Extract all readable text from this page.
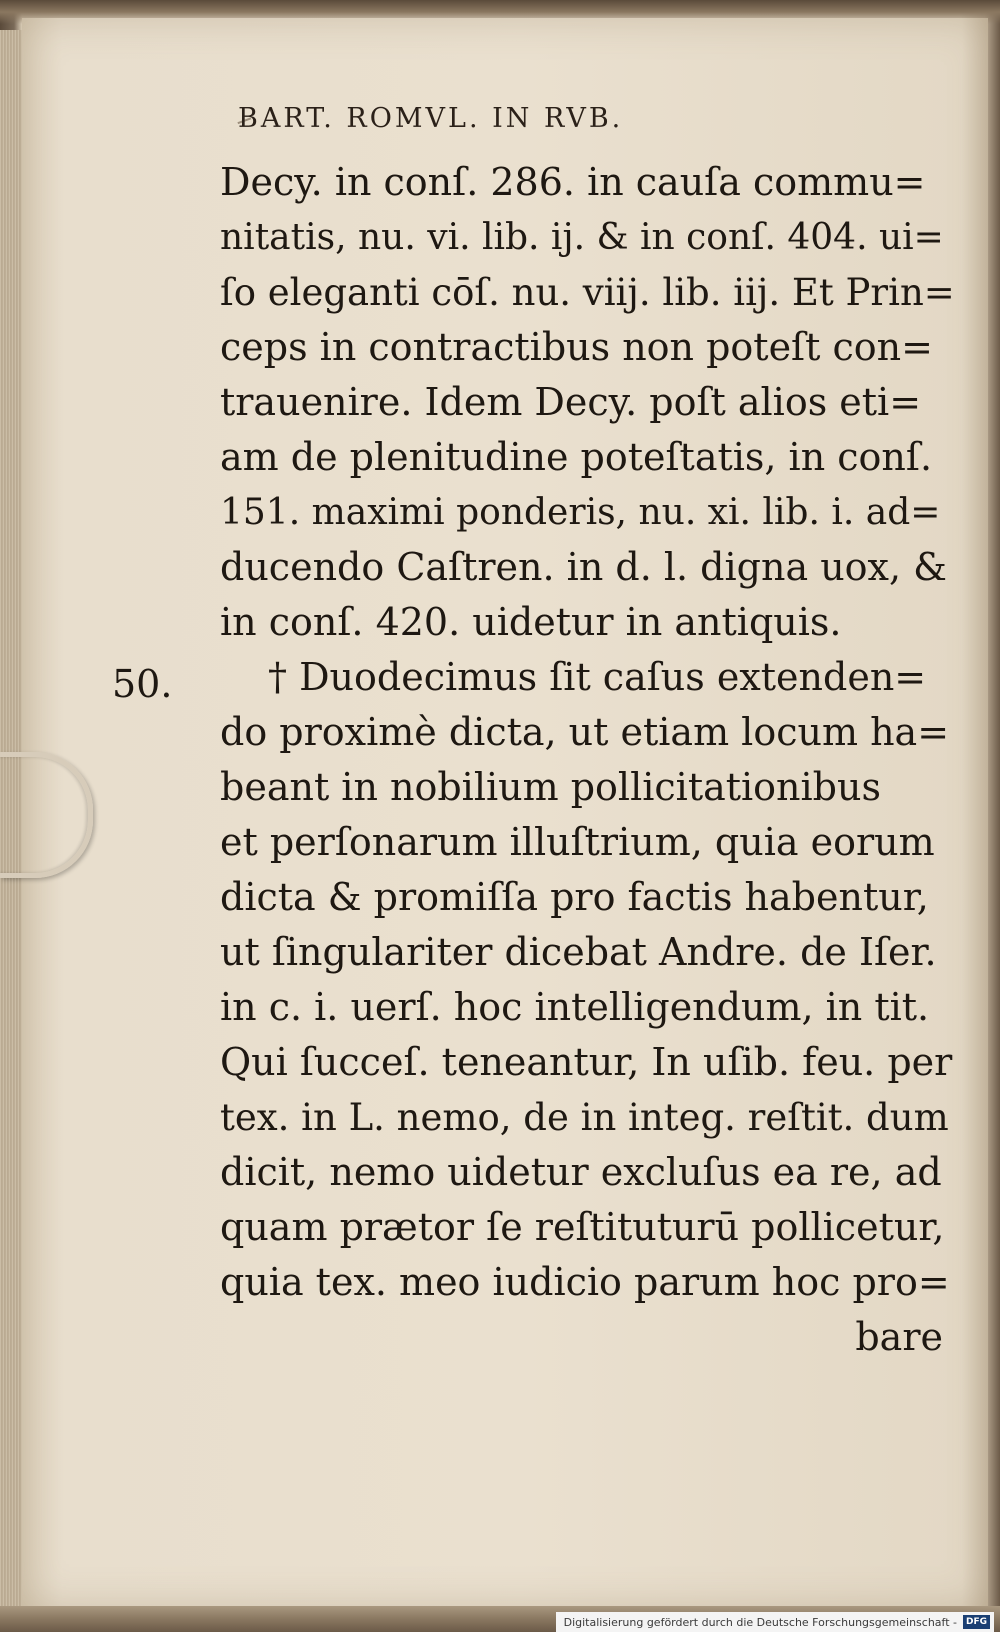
BART. ROMVL. IN RVB.
50.
Decy. in conſ. 286. in cauſa commu=
nitatis, nu. vi. lib. ij. & in conſ. 404. ui=
ſo eleganti cōſ. nu. viij. lib. iij. Et Prin=
ceps in contractibus non poteſt con=
trauenire. Idem Decy. poſt alios eti=
am de plenitudine poteſtatis, in conſ.
151. maximi ponderis, nu. xi. lib. i. ad=
ducendo Caſtren. in d. l. digna uox, &
in conſ. 420. uidetur in antiquis.
† Duodecimus ſit caſus extenden=
do proximè dicta, ut etiam locum ha=
beant in nobilium pollicitationibus
et perſonarum illuſtrium, quia eorum
dicta & promiſſa pro factis habentur,
ut ſingulariter dicebat Andre. de Iſer.
in c. i. uerſ. hoc intelligendum, in tit.
Qui ſucceſ. teneantur, In uſib. feu. per
tex. in L. nemo, de in integ. reſtit. dum
dicit, nemo uidetur excluſus ea re, ad
quam prætor ſe reſtituturū pollicetur,
quia tex. meo iudicio parum hoc pro=
bare
Digitalisierung gefördert durch die Deutsche Forschungsgemeinschaft -	DFG
